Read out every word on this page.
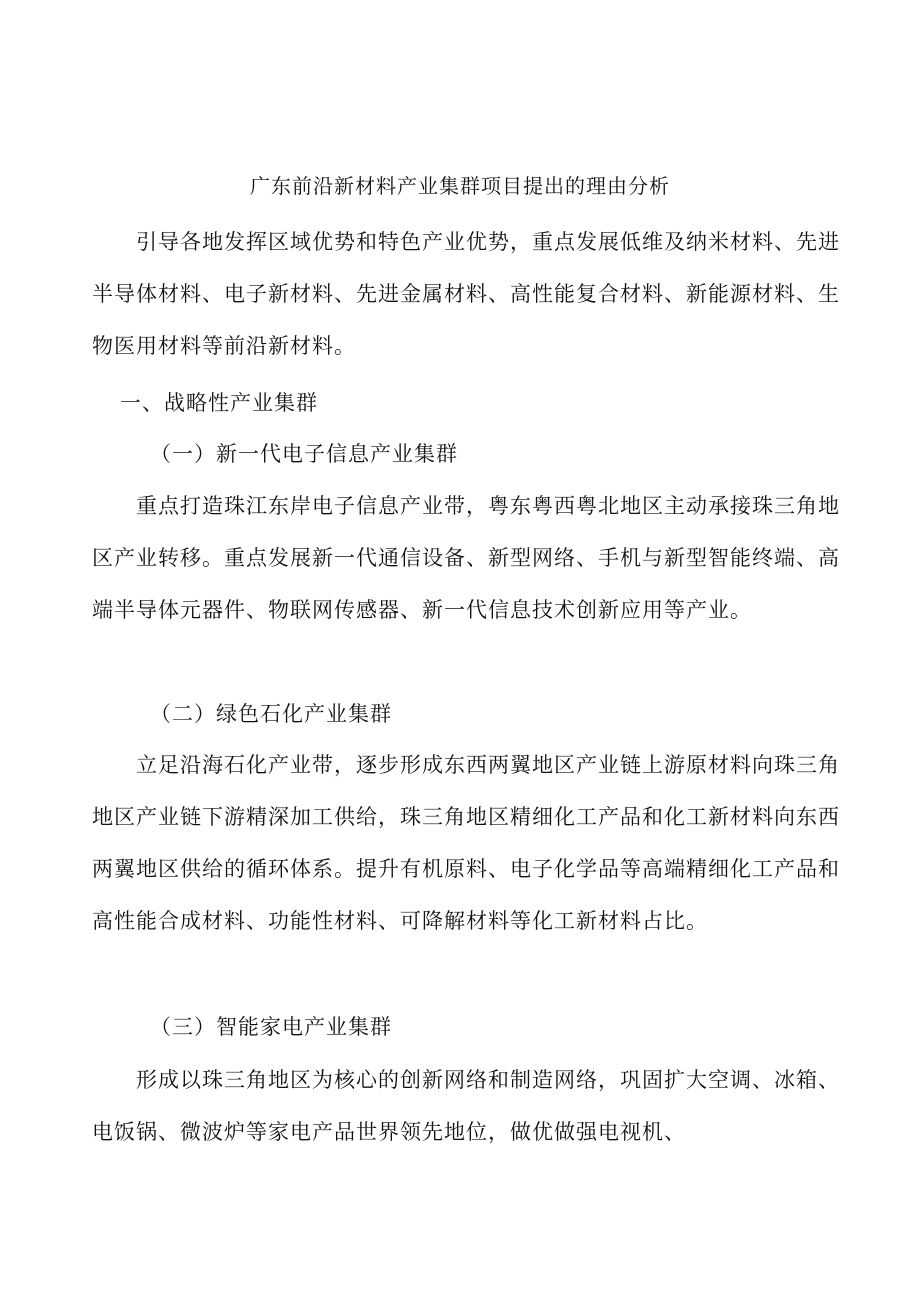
广东前沿新材料产业集群项目提出的理由分析
引导各地发挥区域优势和特色产业优势，重点发展低维及纳米材料、先进半导体材料、电子新材料、先进金属材料、高性能复合材料、新能源材料、生物医用材料等前沿新材料。
一、战略性产业集群
（一）新一代电子信息产业集群
重点打造珠江东岸电子信息产业带，粤东粤西粤北地区主动承接珠三角地区产业转移。重点发展新一代通信设备、新型网络、手机与新型智能终端、高端半导体元器件、物联网传感器、新一代信息技术创新应用等产业。
（二）绿色石化产业集群
立足沿海石化产业带，逐步形成东西两翼地区产业链上游原材料向珠三角地区产业链下游精深加工供给，珠三角地区精细化工产品和化工新材料向东西两翼地区供给的循环体系。提升有机原料、电子化学品等高端精细化工产品和高性能合成材料、功能性材料、可降解材料等化工新材料占比。
（三）智能家电产业集群
形成以珠三角地区为核心的创新网络和制造网络，巩固扩大空调、冰箱、电饭锅、微波炉等家电产品世界领先地位，做优做强电视机、
